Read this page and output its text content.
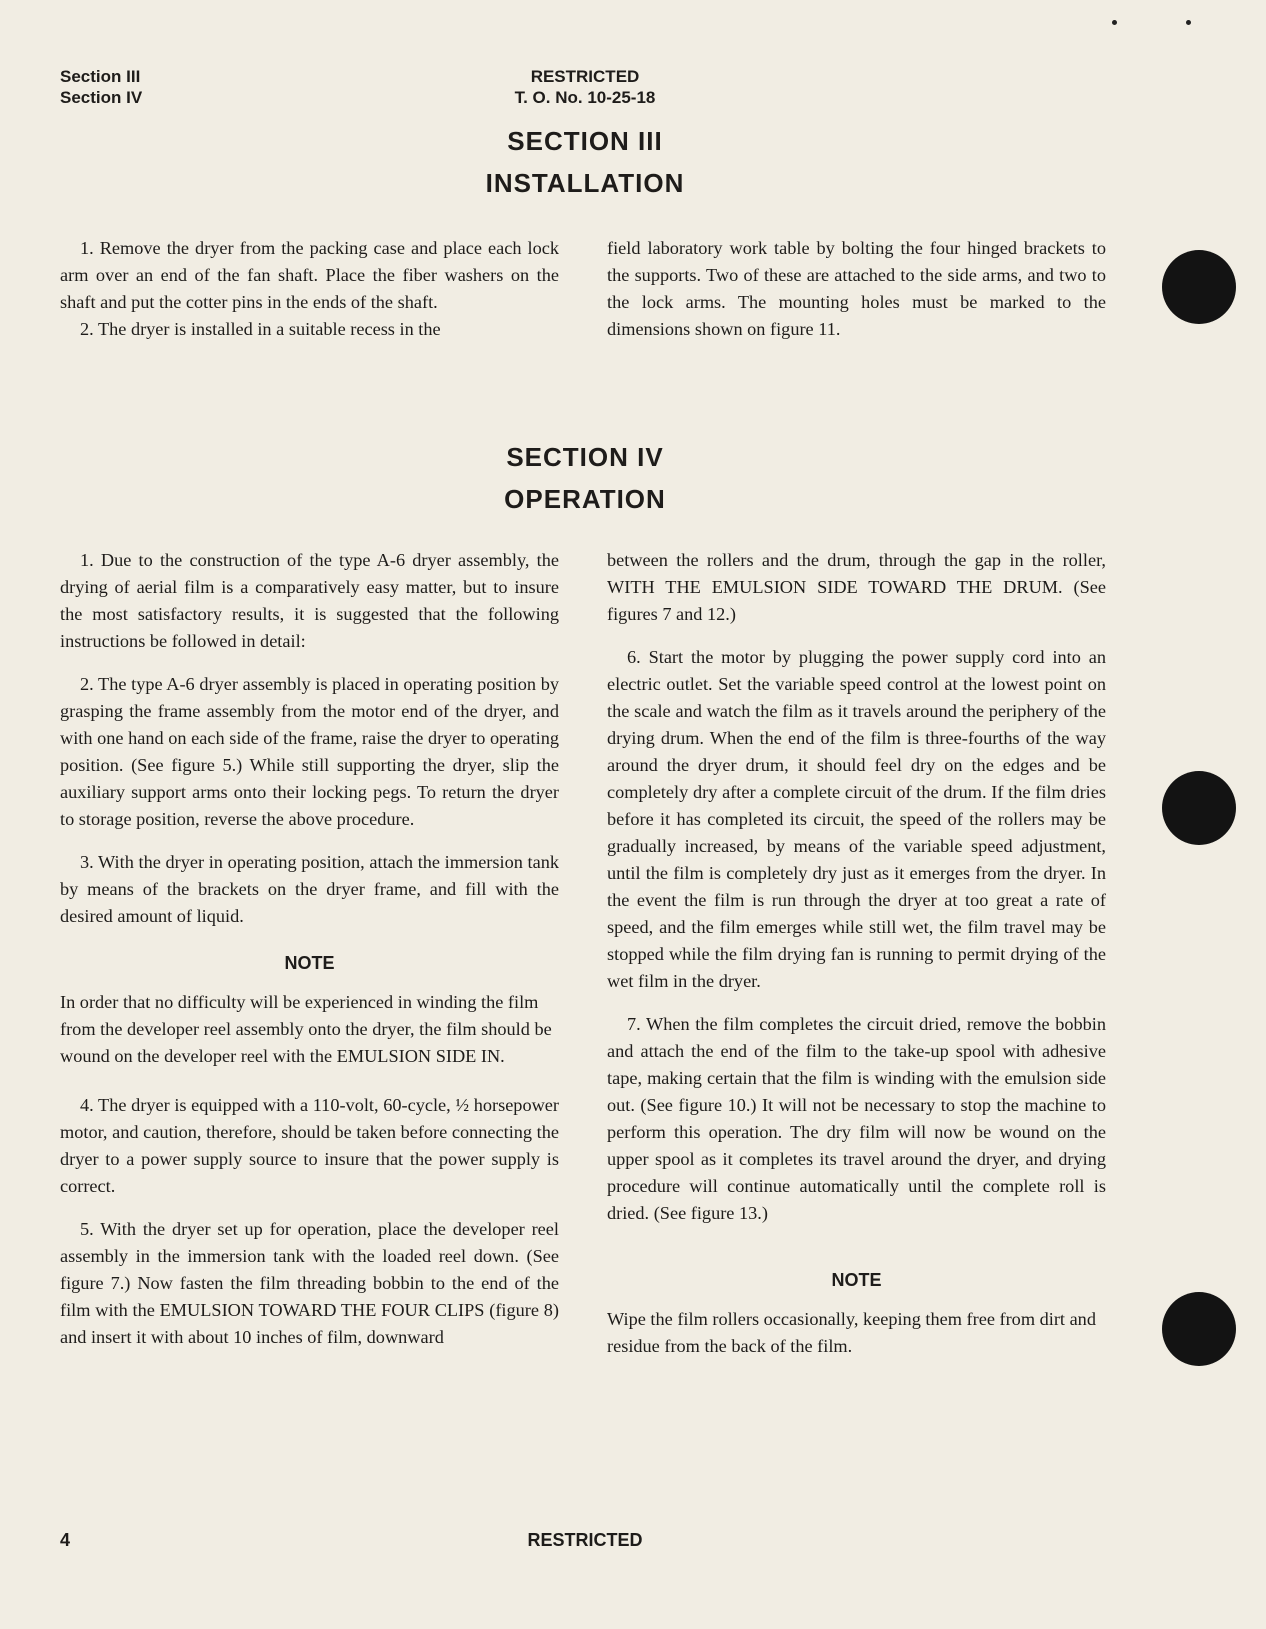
Section III
Section IV
RESTRICTED
T. O. No. 10-25-18
SECTION III
INSTALLATION

1. Remove the dryer from the packing case and place each lock arm over an end of the fan shaft. Place the fiber washers on the shaft and put the cotter pins in the ends of the shaft.

2. The dryer is installed in a suitable recess in the

field laboratory work table by bolting the four hinged brackets to the supports. Two of these are attached to the side arms, and two to the lock arms. The mounting holes must be marked to the dimensions shown on figure 11.

SECTION IV
OPERATION

1. Due to the construction of the type A-6 dryer assembly, the drying of aerial film is a comparatively easy matter, but to insure the most satisfactory results, it is suggested that the following instructions be followed in detail:

2. The type A-6 dryer assembly is placed in operating position by grasping the frame assembly from the motor end of the dryer, and with one hand on each side of the frame, raise the dryer to operating position. (See figure 5.) While still supporting the dryer, slip the auxiliary support arms onto their locking pegs. To return the dryer to storage position, reverse the above procedure.

3. With the dryer in operating position, attach the immersion tank by means of the brackets on the dryer frame, and fill with the desired amount of liquid.

NOTE

In order that no difficulty will be experienced in winding the film from the developer reel assembly onto the dryer, the film should be wound on the developer reel with the EMULSION SIDE IN.

4. The dryer is equipped with a 110-volt, 60-cycle, ½ horsepower motor, and caution, therefore, should be taken before connecting the dryer to a power supply source to insure that the power supply is correct.

5. With the dryer set up for operation, place the developer reel assembly in the immersion tank with the loaded reel down. (See figure 7.) Now fasten the film threading bobbin to the end of the film with the EMULSION TOWARD THE FOUR CLIPS (figure 8) and insert it with about 10 inches of film, downward

between the rollers and the drum, through the gap in the roller, WITH THE EMULSION SIDE TOWARD THE DRUM. (See figures 7 and 12.)

6. Start the motor by plugging the power supply cord into an electric outlet. Set the variable speed control at the lowest point on the scale and watch the film as it travels around the periphery of the drying drum. When the end of the film is three-fourths of the way around the dryer drum, it should feel dry on the edges and be completely dry after a complete circuit of the drum. If the film dries before it has completed its circuit, the speed of the rollers may be gradually increased, by means of the variable speed adjustment, until the film is completely dry just as it emerges from the dryer. In the event the film is run through the dryer at too great a rate of speed, and the film emerges while still wet, the film travel may be stopped while the film drying fan is running to permit drying of the wet film in the dryer.

7. When the film completes the circuit dried, remove the bobbin and attach the end of the film to the take-up spool with adhesive tape, making certain that the film is winding with the emulsion side out. (See figure 10.) It will not be necessary to stop the machine to perform this operation. The dry film will now be wound on the upper spool as it completes its travel around the dryer, and drying procedure will continue automatically until the complete roll is dried. (See figure 13.)

NOTE

Wipe the film rollers occasionally, keeping them free from dirt and residue from the back of the film.

4	RESTRICTED
